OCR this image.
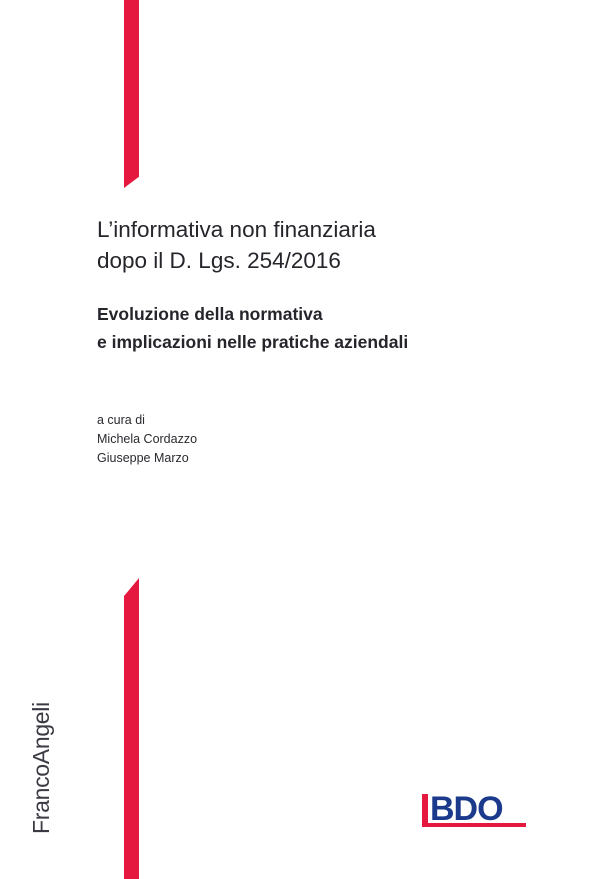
L’informativa non finanziaria
dopo il D. Lgs. 254/2016
Evoluzione della normativa
e implicazioni nelle pratiche aziendali
a cura di
Michela Cordazzo
Giuseppe Marzo
FrancoAngeli	BDO
